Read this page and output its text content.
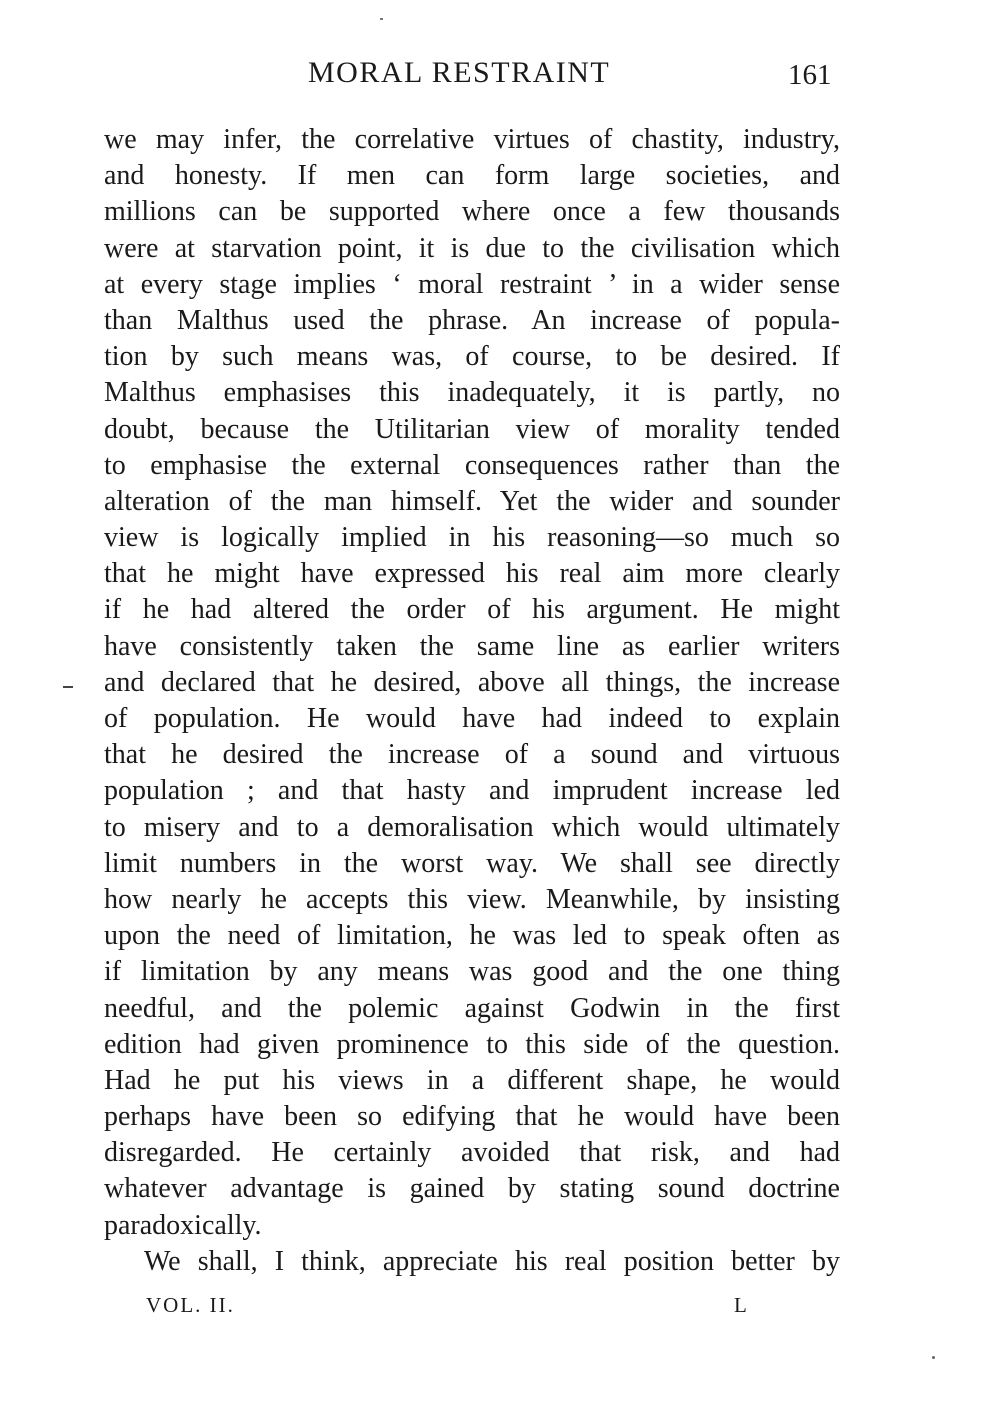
MORAL RESTRAINT	161
we may infer, the correlative virtues of chastity, industry,
and honesty. If men can form large societies, and
millions can be supported where once a few thousands
were at starvation point, it is due to the civilisation which
at every stage implies ‘ moral restraint ’ in a wider sense
than Malthus used the phrase. An increase of popula-
tion by such means was, of course, to be desired. If
Malthus emphasises this inadequately, it is partly, no
doubt, because the Utilitarian view of morality tended
to emphasise the external consequences rather than the
alteration of the man himself. Yet the wider and sounder
view is logically implied in his reasoning—so much so
that he might have expressed his real aim more clearly
if he had altered the order of his argument. He might
have consistently taken the same line as earlier writers
and declared that he desired, above all things, the increase
of population. He would have had indeed to explain
that he desired the increase of a sound and virtuous
population ; and that hasty and imprudent increase led
to misery and to a demoralisation which would ultimately
limit numbers in the worst way. We shall see directly
how nearly he accepts this view. Meanwhile, by insisting
upon the need of limitation, he was led to speak often as
if limitation by any means was good and the one thing
needful, and the polemic against Godwin in the first
edition had given prominence to this side of the question.
Had he put his views in a different shape, he would
perhaps have been so edifying that he would have been
disregarded. He certainly avoided that risk, and had
whatever advantage is gained by stating sound doctrine
paradoxically.
We shall, I think, appreciate his real position better by
VOL. II.	L
